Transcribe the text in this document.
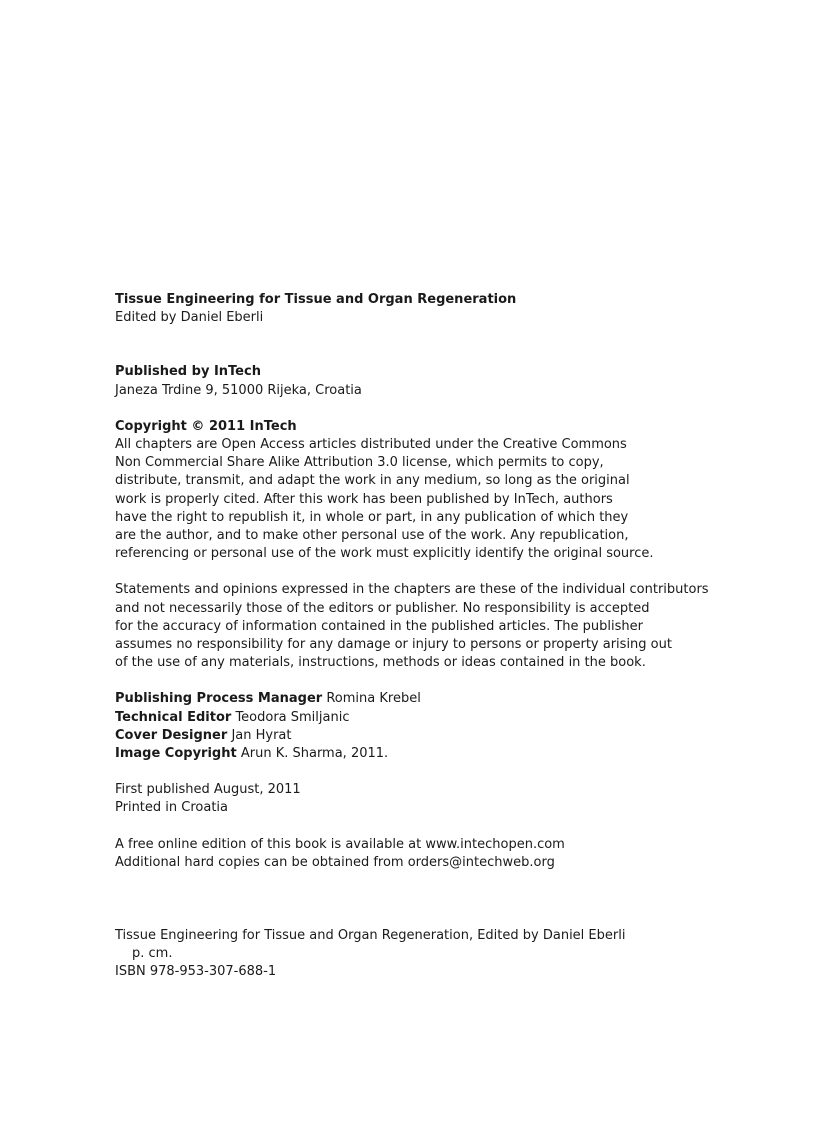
Tissue Engineering for Tissue and Organ Regeneration
Edited by Daniel Eberli
Published by InTech
Janeza Trdine 9, 51000 Rijeka, Croatia
Copyright © 2011 InTech
All chapters are Open Access articles distributed under the Creative Commons
Non Commercial Share Alike Attribution 3.0 license, which permits to copy,
distribute, transmit, and adapt the work in any medium, so long as the original
work is properly cited. After this work has been published by InTech, authors
have the right to republish it, in whole or part, in any publication of which they
are the author, and to make other personal use of the work. Any republication,
referencing or personal use of the work must explicitly identify the original source.
Statements and opinions expressed in the chapters are these of the individual contributors
and not necessarily those of the editors or publisher. No responsibility is accepted
for the accuracy of information contained in the published articles. The publisher
assumes no responsibility for any damage or injury to persons or property arising out
of the use of any materials, instructions, methods or ideas contained in the book.
Publishing Process Manager Romina Krebel
Technical Editor Teodora Smiljanic
Cover Designer Jan Hyrat
Image Copyright Arun K. Sharma, 2011.
First published August, 2011
Printed in Croatia
A free online edition of this book is available at www.intechopen.com
Additional hard copies can be obtained from orders@intechweb.org
Tissue Engineering for Tissue and Organ Regeneration, Edited by Daniel Eberli
p. cm.
ISBN 978-953-307-688-1
